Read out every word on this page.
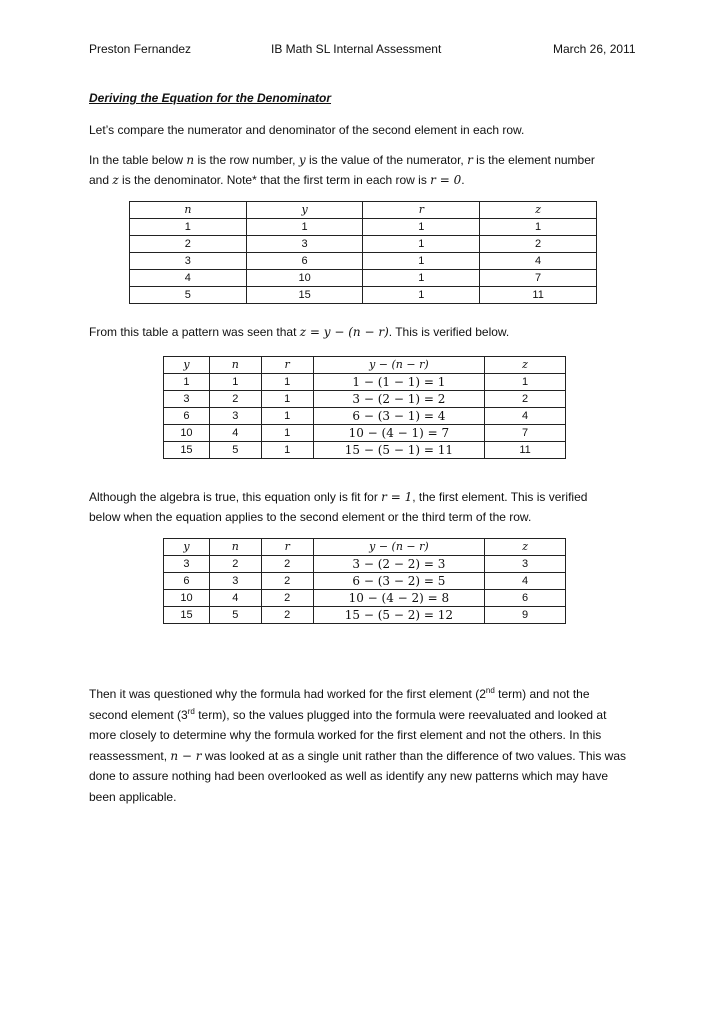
Preston Fernandez	IB Math SL Internal Assessment	March 26, 2011
Deriving the Equation for the Denominator
Let’s compare the numerator and denominator of the second element in each row.
In the table below n is the row number, y is the value of the numerator, r is the element number
and z is the denominator. Note* that the first term in each row is r = 0.
n	y	r	z
1	1	1	1
2	3	1	2
3	6	1	4
4	10	1	7
5	15	1	11
From this table a pattern was seen that z = y − (n − r). This is verified below.
y	n	r	y − (n − r)	z
1	1	1	1 − (1 − 1) = 1	1
3	2	1	3 − (2 − 1) = 2	2
6	3	1	6 − (3 − 1) = 4	4
10	4	1	10 − (4 − 1) = 7	7
15	5	1	15 − (5 − 1) = 11	11
Although the algebra is true, this equation only is fit for r = 1, the first element. This is verified
below when the equation applies to the second element or the third term of the row.
y	n	r	y − (n − r)	z
3	2	2	3 − (2 − 2) = 3	3
6	3	2	6 − (3 − 2) = 5	4
10	4	2	10 − (4 − 2) = 8	6
15	5	2	15 − (5 − 2) = 12	9
Then it was questioned why the formula had worked for the first element (2nd term) and not the
second element (3rd term), so the values plugged into the formula were reevaluated and looked at
more closely to determine why the formula worked for the first element and not the others. In this
reassessment, n − r was looked at as a single unit rather than the difference of two values. This was
done to assure nothing had been overlooked as well as identify any new patterns which may have
been applicable.
